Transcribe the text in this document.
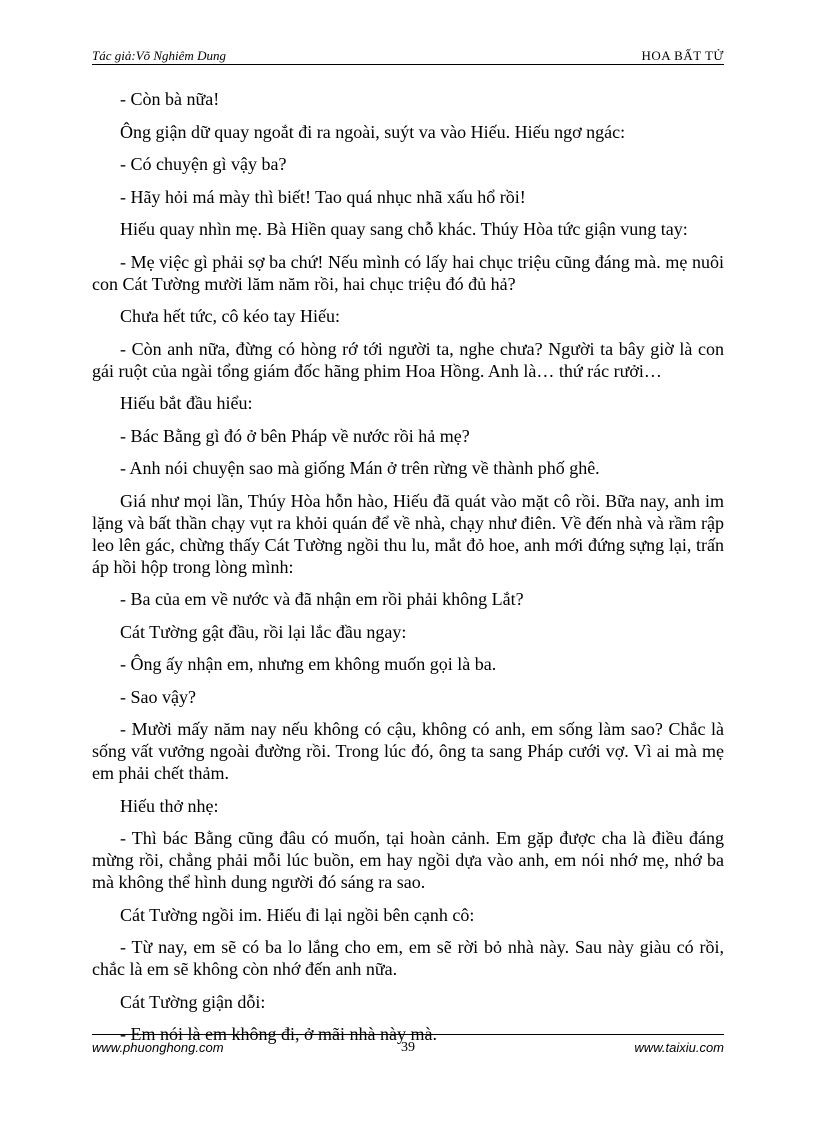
Tác giả:Võ Nghiêm Dung	HOA BẤT TỬ

- Còn bà nữa!

Ông giận dữ quay ngoắt đi ra ngoài, suýt va vào Hiếu. Hiếu ngơ ngác:

- Có chuyện gì vậy ba?

- Hãy hỏi má mày thì biết! Tao quá nhục nhã xấu hổ rồi!

Hiếu quay nhìn mẹ. Bà Hiền quay sang chỗ khác. Thúy Hòa tức giận vung tay:

- Mẹ việc gì phải sợ ba chứ! Nếu mình có lấy hai chục triệu cũng đáng mà. mẹ nuôi con Cát Tường mười lăm năm rồi, hai chục triệu đó đủ hả?

Chưa hết tức, cô kéo tay Hiếu:

- Còn anh nữa, đừng có hòng rớ tới người ta, nghe chưa? Người ta bây giờ là con gái ruột của ngài tổng giám đốc hãng phim Hoa Hồng. Anh là… thứ rác rưởi…

Hiếu bắt đầu hiểu:

- Bác Bằng gì đó ở bên Pháp về nước rồi hả mẹ?

- Anh nói chuyện sao mà giống Mán ở trên rừng về thành phố ghê.

Giá như mọi lần, Thúy Hòa hỗn hào, Hiếu đã quát vào mặt cô rồi. Bữa nay, anh im lặng và bất thần chạy vụt ra khỏi quán để về nhà, chạy như điên. Về đến nhà và rầm rập leo lên gác, chừng thấy Cát Tường ngồi thu lu, mắt đỏ hoe, anh mới đứng sựng lại, trấn áp hồi hộp trong lòng mình:

- Ba của em về nước và đã nhận em rồi phải không Lắt?

Cát Tường gật đầu, rồi lại lắc đầu ngay:

- Ông ấy nhận em, nhưng em không muốn gọi là ba.

- Sao vậy?

- Mười mấy năm nay nếu không có cậu, không có anh, em sống làm sao? Chắc là sống vất vưởng ngoài đường rồi. Trong lúc đó, ông ta sang Pháp cưới vợ. Vì ai mà mẹ em phải chết thảm.

Hiếu thở nhẹ:

- Thì bác Bằng cũng đâu có muốn, tại hoàn cảnh. Em gặp được cha là điều đáng mừng rồi, chẳng phải mỗi lúc buồn, em hay ngồi dựa vào anh, em nói nhớ mẹ, nhớ ba mà không thể hình dung người đó sáng ra sao.

Cát Tường ngồi im. Hiếu đi lại ngồi bên cạnh cô:

- Từ nay, em sẽ có ba lo lắng cho em, em sẽ rời bỏ nhà này. Sau này giàu có rồi, chắc là em sẽ không còn nhớ đến anh nữa.

Cát Tường giận dỗi:

- Em nói là em không đi, ở mãi nhà này mà.

www.phuonghong.com	39	www.taixiu.com
